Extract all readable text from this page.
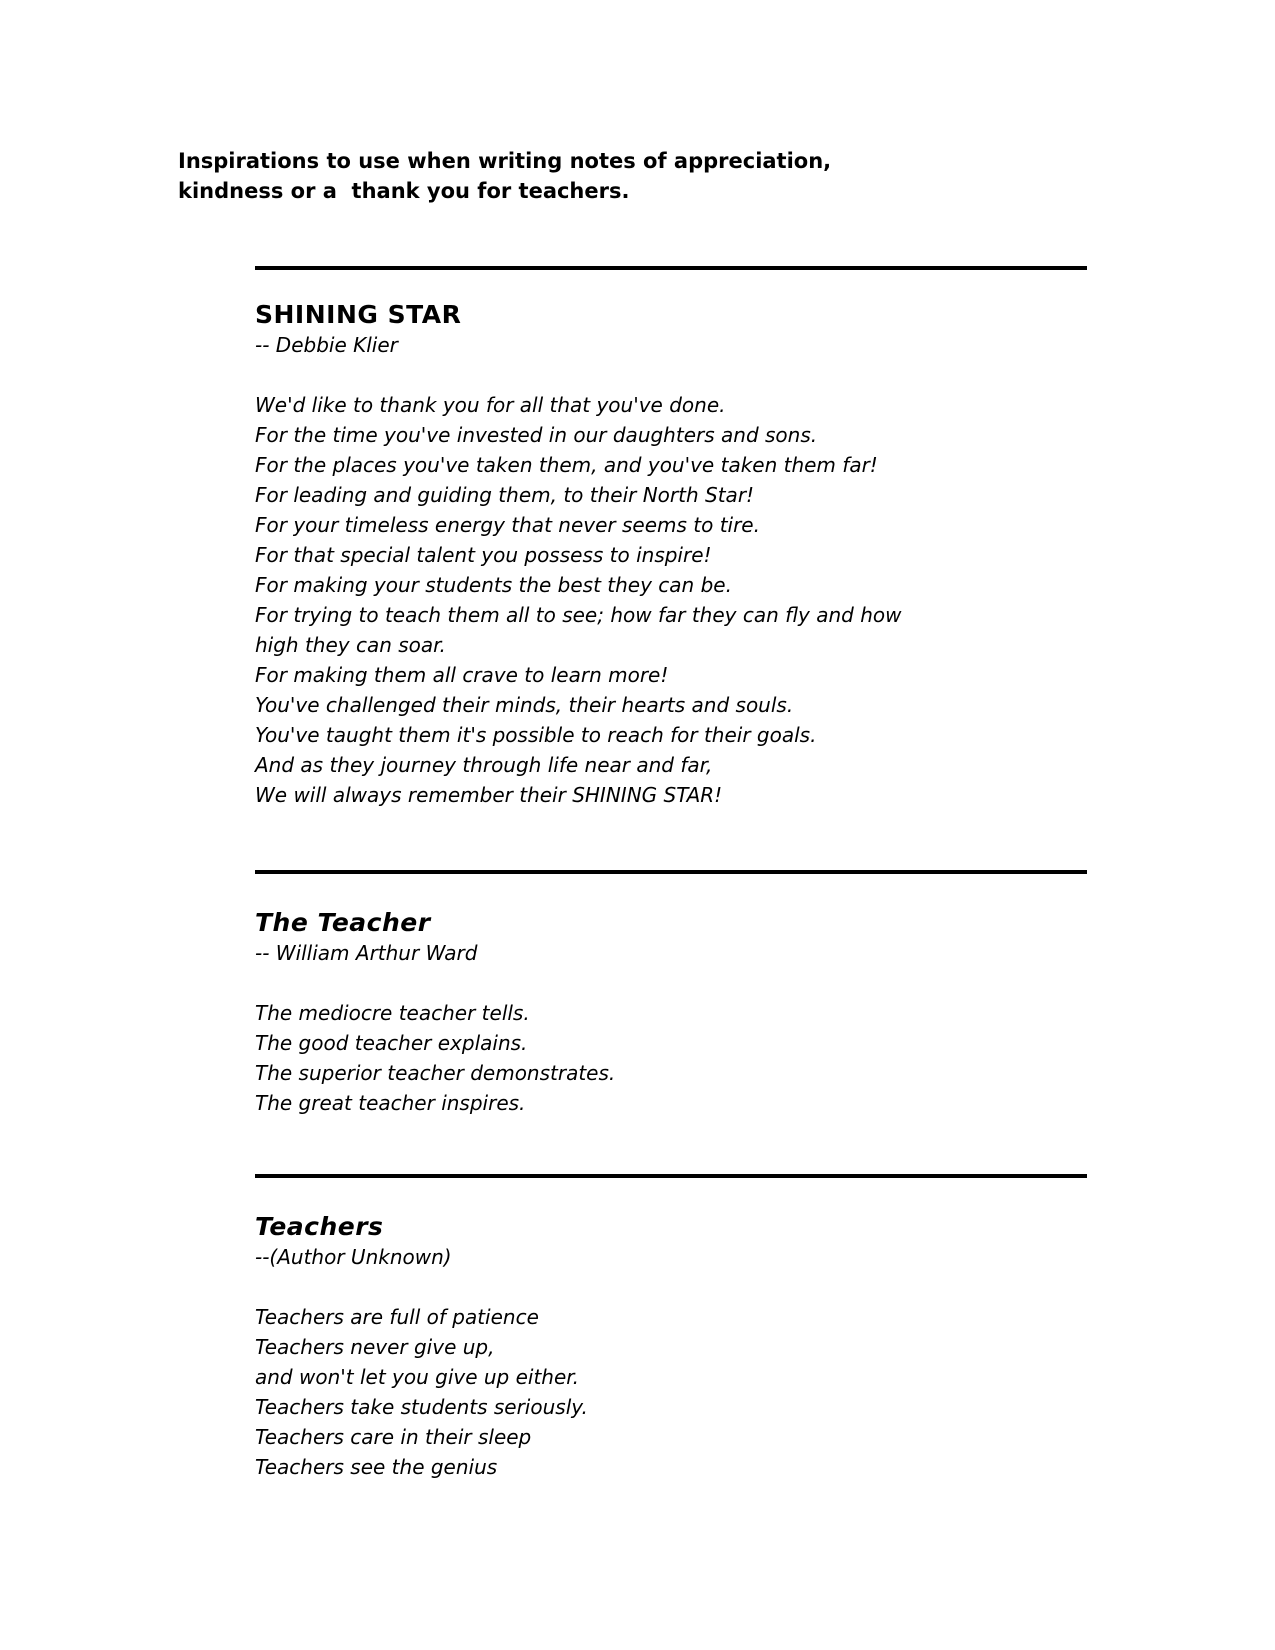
Inspirations to use when writing notes of appreciation,
kindness or a  thank you for teachers.
SHINING STAR
-- Debbie Klier
We'd like to thank you for all that you've done.
For the time you've invested in our daughters and sons.
For the places you've taken them, and you've taken them far!
For leading and guiding them, to their North Star!
For your timeless energy that never seems to tire.
For that special talent you possess to inspire!
For making your students the best they can be.
For trying to teach them all to see; how far they can fly and how
high they can soar.
For making them all crave to learn more!
You've challenged their minds, their hearts and souls.
You've taught them it's possible to reach for their goals.
And as they journey through life near and far,
We will always remember their SHINING STAR!
The Teacher
-- William Arthur Ward
The mediocre teacher tells.
The good teacher explains.
The superior teacher demonstrates.
The great teacher inspires.
Teachers
--(Author Unknown)
Teachers are full of patience
Teachers never give up,
and won't let you give up either.
Teachers take students seriously.
Teachers care in their sleep
Teachers see the genius
